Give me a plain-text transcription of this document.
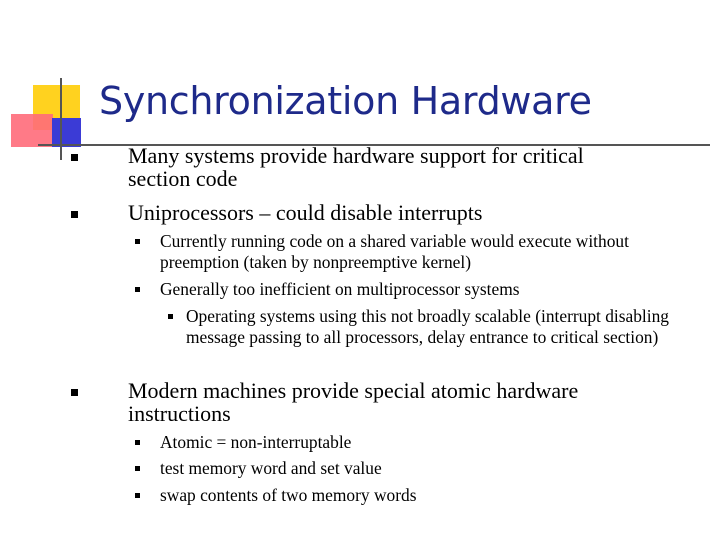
Synchronization Hardware
Many systems provide hardware support for critical section code
Uniprocessors – could disable interrupts
Currently running code on a shared variable would execute without preemption (taken by nonpreemptive kernel)
Generally too inefficient on multiprocessor systems
Operating systems using this not broadly scalable (interrupt disabling message passing to all processors, delay entrance to critical section)
Modern machines provide special atomic hardware instructions
Atomic = non-interruptable
test memory word and set value
swap contents of two memory words
